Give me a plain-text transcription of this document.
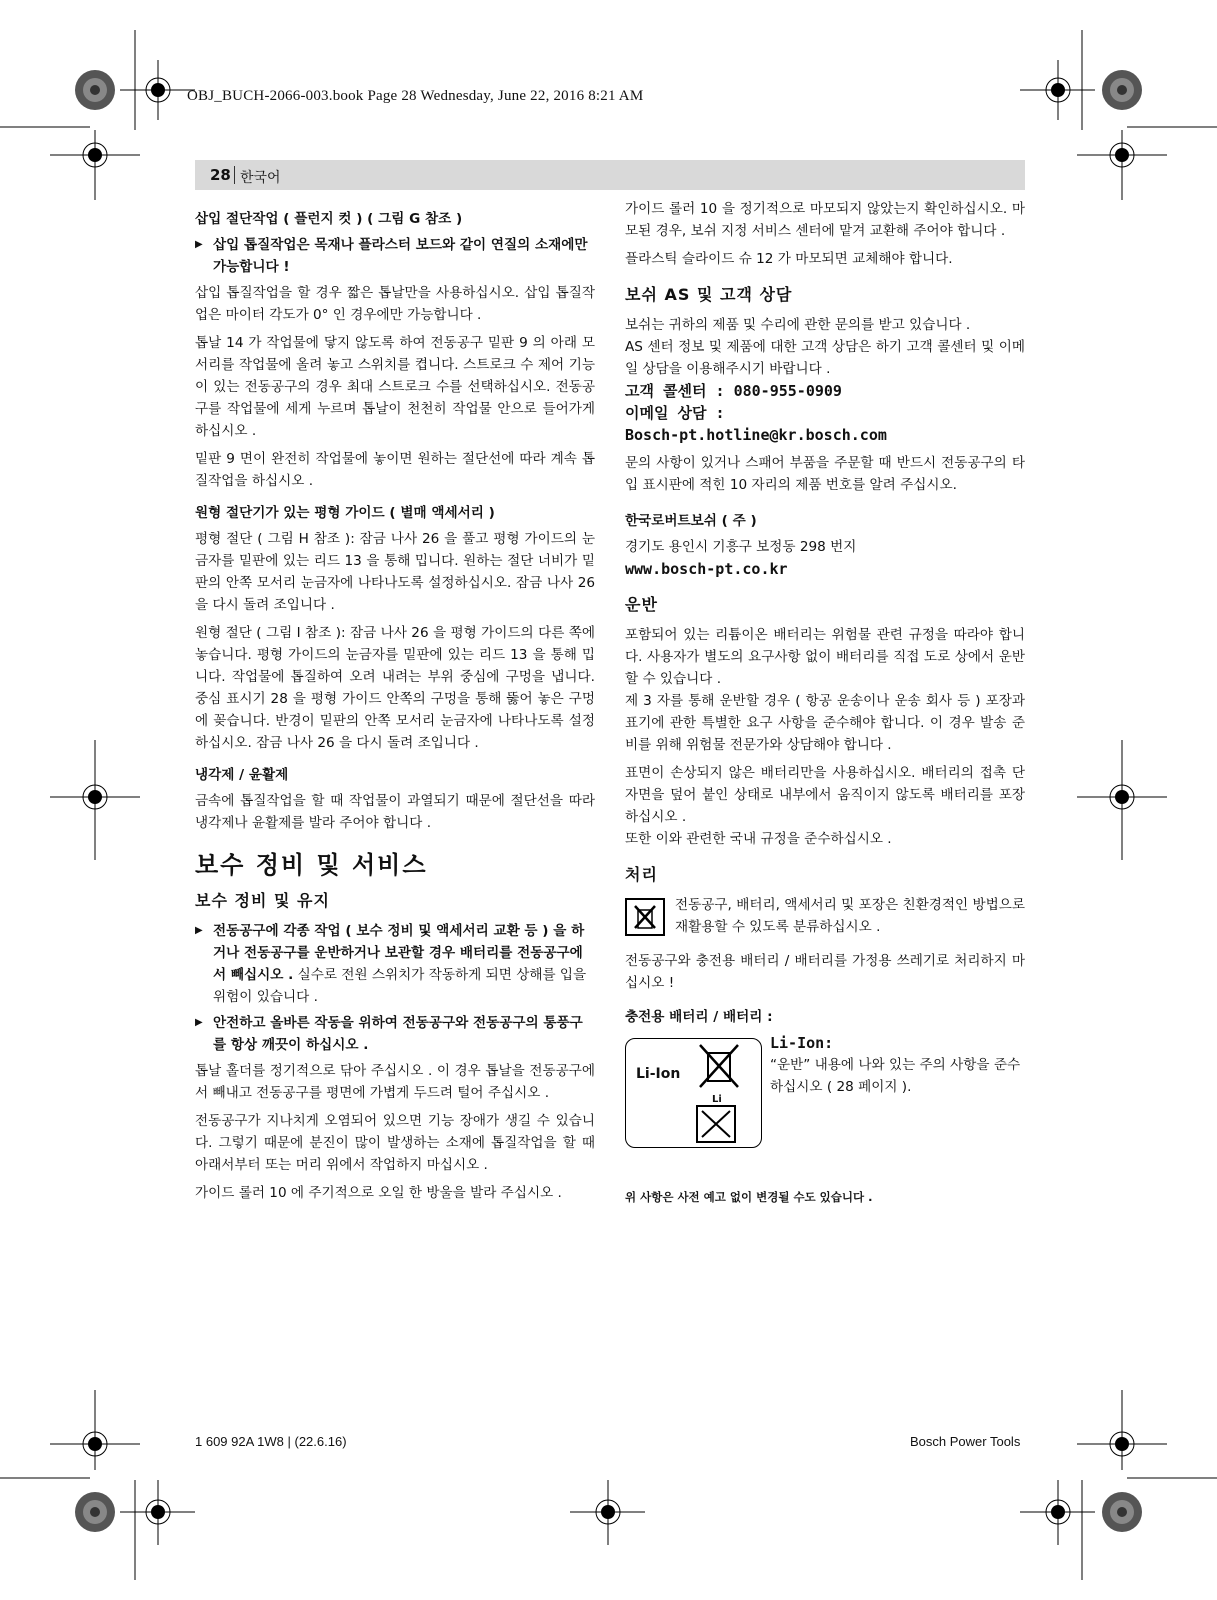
OBJ_BUCH-2066-003.book Page 28 Wednesday, June 22, 2016 8:21 AM
28 한국어
삽입 절단작업 ( 플런지 컷 ) ( 그림 G 참조 )
▶ 삽입 톱질작업은 목재나 플라스터 보드와 같이 연질의 소재에만 가능합니다 !

삽입 톱질작업을 할 경우 짧은 톱날만을 사용하십시오. 삽입 톱질작업은 마이터 각도가 0° 인 경우에만 가능합니다 .

톱날 14 가 작업물에 닿지 않도록 하여 전동공구 밑판 9 의 아래 모서리를 작업물에 올려 놓고 스위치를 켭니다. 스트로크 수 제어 기능이 있는 전동공구의 경우 최대 스트로크 수를 선택하십시오. 전동공구를 작업물에 세게 누르며 톱날이 천천히 작업물 안으로 들어가게 하십시오 .

밑판 9 면이 완전히 작업물에 놓이면 원하는 절단선에 따라 계속 톱질작업을 하십시오 .

원형 절단기가 있는 평형 가이드 ( 별매 액세서리 )

평형 절단 ( 그림 H 참조 ): 잠금 나사 26 을 풀고 평형 가이드의 눈금자를 밑판에 있는 리드 13 을 통해 밉니다. 원하는 절단 너비가 밑판의 안쪽 모서리 눈금자에 나타나도록 설정하십시오. 잠금 나사 26 을 다시 돌려 조입니다 .

원형 절단 ( 그림 I 참조 ): 잠금 나사 26 을 평형 가이드의 다른 쪽에 놓습니다. 평형 가이드의 눈금자를 밑판에 있는 리드 13 을 통해 밉니다. 작업물에 톱질하여 오려 내려는 부위 중심에 구멍을 냅니다. 중심 표시기 28 을 평형 가이드 안쪽의 구멍을 통해 뚫어 놓은 구멍에 꽂습니다. 반경이 밑판의 안쪽 모서리 눈금자에 나타나도록 설정하십시오. 잠금 나사 26 을 다시 돌려 조입니다 .

냉각제 / 윤활제

금속에 톱질작업을 할 때 작업물이 과열되기 때문에 절단선을 따라 냉각제나 윤활제를 발라 주어야 합니다 .

보수 정비 및 서비스
보수 정비 및 유지
▶ 전동공구에 각종 작업 ( 보수 정비 및 액세서리 교환 등 ) 을 하거나 전동공구를 운반하거나 보관할 경우 배터리를 전동공구에서 빼십시오 . 실수로 전원 스위치가 작동하게 되면 상해를 입을 위험이 있습니다 .
▶ 안전하고 올바른 작동을 위하여 전동공구와 전동공구의 통풍구를 항상 깨끗이 하십시오 .

톱날 홀더를 정기적으로 닦아 주십시오 . 이 경우 톱날을 전동공구에서 빼내고 전동공구를 평면에 가볍게 두드려 털어 주십시오 .

전동공구가 지나치게 오염되어 있으면 기능 장애가 생길 수 있습니다. 그렇기 때문에 분진이 많이 발생하는 소재에 톱질작업을 할 때 아래서부터 또는 머리 위에서 작업하지 마십시오 .

가이드 롤러 10 에 주기적으로 오일 한 방울을 발라 주십시오 .

가이드 롤러 10 을 정기적으로 마모되지 않았는지 확인하십시오. 마모된 경우, 보쉬 지정 서비스 센터에 맡겨 교환해 주어야 합니다 .

플라스틱 슬라이드 슈 12 가 마모되면 교체해야 합니다.

보쉬 AS 및 고객 상담

보쉬는 귀하의 제품 및 수리에 관한 문의를 받고 있습니다 .

AS 센터 정보 및 제품에 대한 고객 상담은 하기 고객 콜센터 및 이메일 상담을 이용해주시기 바랍니다 .

고객 콜센터 : 080-955-0909
이메일 상담 :
Bosch-pt.hotline@kr.bosch.com

문의 사항이 있거나 스패어 부품을 주문할 때 반드시 전동공구의 타입 표시판에 적힌 10 자리의 제품 번호를 알려 주십시오.

한국로버트보쉬 ( 주 )
경기도 용인시 기흥구 보정동 298 번지
www.bosch-pt.co.kr
운반

포함되어 있는 리튬이온 배터리는 위험물 관련 규정을 따라야 합니다. 사용자가 별도의 요구사항 없이 배터리를 직접 도로 상에서 운반할 수 있습니다 .

제 3 자를 통해 운반할 경우 ( 항공 운송이나 운송 회사 등 ) 포장과 표기에 관한 특별한 요구 사항을 준수해야 합니다. 이 경우 발송 준비를 위해 위험물 전문가와 상담해야 합니다 .

표면이 손상되지 않은 배터리만을 사용하십시오. 배터리의 접촉 단자면을 덮어 붙인 상태로 내부에서 움직이지 않도록 배터리를 포장하십시오 .

또한 이와 관련한 국내 규정을 준수하십시오 .

처리

전동공구, 배터리, 액세서리 및 포장은 친환경적인 방법으로 재활용할 수 있도록 분류하십시오 .

전동공구와 충전용 배터리 / 배터리를 가정용 쓰레기로 처리하지 마십시오 !

충전용 배터리 / 배터리 :
Li-Ion
Li
Li-Ion:
“운반” 내용에 나와 있는 주의 사항을 준수하십시오 ( 28 페이지 ).
위 사항은 사전 예고 없이 변경될 수도 있습니다 .
1 609 92A 1W8 | (22.6.16)	Bosch Power Tools
